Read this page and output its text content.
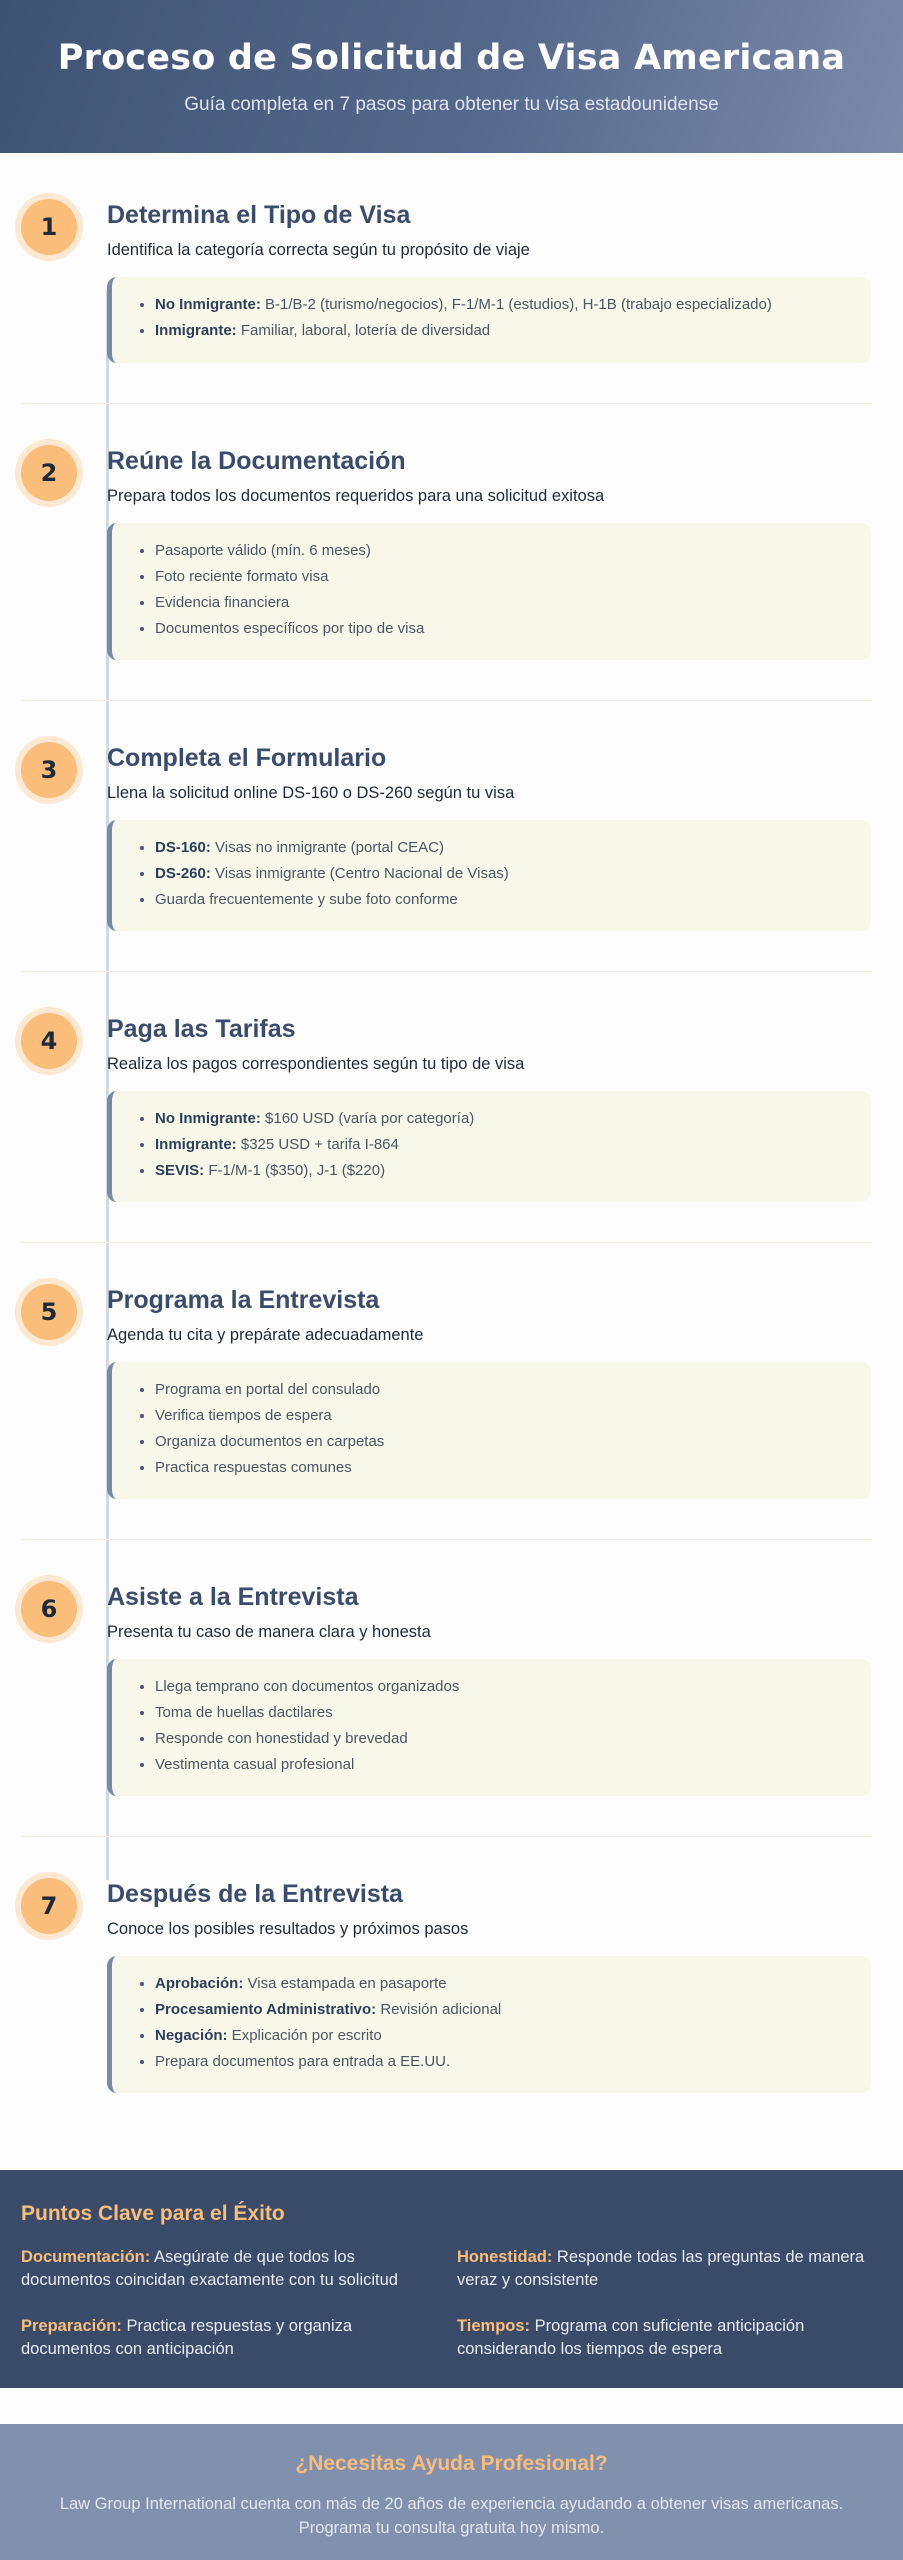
Proceso de Solicitud de Visa Americana

Guía completa en 7 pasos para obtener tu visa estadounidense

1	Determina el Tipo de Visa
Identifica la categoría correcta según tu propósito de viaje
• No Inmigrante: B-1/B-2 (turismo/negocios), F-1/M-1 (estudios), H-1B (trabajo especializado)
• Inmigrante: Familiar, laboral, lotería de diversidad
2	Reúne la Documentación
Prepara todos los documentos requeridos para una solicitud exitosa
• Pasaporte válido (mín. 6 meses)
• Foto reciente formato visa
• Evidencia financiera
• Documentos específicos por tipo de visa
3	Completa el Formulario
Llena la solicitud online DS-160 o DS-260 según tu visa
• DS-160: Visas no inmigrante (portal CEAC)
• DS-260: Visas inmigrante (Centro Nacional de Visas)
• Guarda frecuentemente y sube foto conforme
4	Paga las Tarifas
Realiza los pagos correspondientes según tu tipo de visa
• No Inmigrante: $160 USD (varía por categoría)
• Inmigrante: $325 USD + tarifa I-864
• SEVIS: F-1/M-1 ($350), J-1 ($220)
5	Programa la Entrevista
Agenda tu cita y prepárate adecuadamente
• Programa en portal del consulado
• Verifica tiempos de espera
• Organiza documentos en carpetas
• Practica respuestas comunes
6	Asiste a la Entrevista
Presenta tu caso de manera clara y honesta
• Llega temprano con documentos organizados
• Toma de huellas dactilares
• Responde con honestidad y brevedad
• Vestimenta casual profesional
7	Después de la Entrevista
Conoce los posibles resultados y próximos pasos
• Aprobación: Visa estampada en pasaporte
• Procesamiento Administrativo: Revisión adicional
• Negación: Explicación por escrito
• Prepara documentos para entrada a EE.UU.
Puntos Clave para el Éxito
Documentación: Asegúrate de que todos los documentos coincidan exactamente con tu solicitud
Honestidad: Responde todas las preguntas de manera veraz y consistente
Preparación: Practica respuestas y organiza documentos con anticipación
Tiempos: Programa con suficiente anticipación considerando los tiempos de espera
¿Necesitas Ayuda Profesional?

Law Group International cuenta con más de 20 años de experiencia ayudando a obtener visas americanas. Programa tu consulta gratuita hoy mismo.
